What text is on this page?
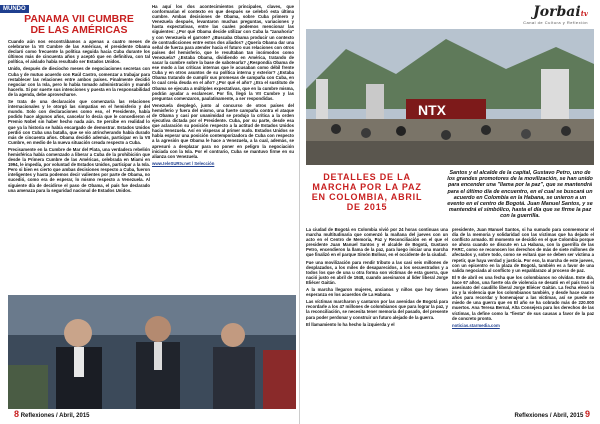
MUNDO
PANAMA VII CUMBRE DE LAS AMÉRICAS

Cuando aún nos encontrábamos a apenas a cuatro meses de celebrarse la VII Cumbre de las Américas, el presidente Obama declaró como frecuente la política seguida hacia Cuba durante los últimos más de cincuenta años y aceptó que en definitiva, con tal política, el aislado había resultado ser Estados Unidos.

Unido, después de dieciocho meses de negociaciones secretas con Cuba y de mutuo acuerdo con Raúl Castro, comenzar a trabajar para restablecer las relaciones entre ambos países. Finalmente decidió negociar con la Isla, pero lo había tomado administración y mandó hacerlo. Si por suerte sus intenciones y puesta en la responsabilidad de la agenda, debe aprovecharse.

Se trata de una declaración que comenzaría las relaciones internacionales y le otorgó las simpatías en el hemisferio y del mundo. Solo con declaraciones como eso, el Presidente, había podido hace algunos años, cancelar lo decía que le concedieron el Premio Nobel sin haber hecho nada aún. Se percibe en realidad lo que ya la historia se había encargado de demostrar. Estados Unidos perdió con Cuba una batalla, que se vio atrincherando había durado más de cincuenta años. Obama decidió además, participar en la VII Cumbre, en medio de la nueva situación creada respecto a Cuba.

Precisamente en la Cumbre de Mar del Plata, una verdadera rebelión hemisférica había comenzado a liberar a Cuba de la prohibición que desde la Primera Cumbre de las Américas, celebrada en Miami en 1994, le impedía, por voluntad de Estados Unidos, participar a la Isla. Pero si bien es cierto que ambas decisiones respecto a Cuba, fueron inteligentes y hasta podemos decir valientes por parte de Obama, no sucedió, como era de esperar, lo mismo respecto a Venezuela. Al siguiente día de decidirse el paso de Obama, el país fue declarado una amenaza para la seguridad nacional de Estados Unidos.

Ha aquí los dos acontecimientos principales, claves, que conformarían el contexto en que después se celebró esta última cumbre. Ambas decisiones de Obama, sobre Cuba primero y Venezuela después, levantaron muchas preguntas, variaciones y hasta expectativas, entre las cuales podemos mencionar las siguientes: ¿Por qué Obama decide utilizar con Cuba la "zanahoria" y con Venezuela el garrote? ¿Buscaba Obama producir un contexto de contradicciones entre estos dos aliados? ¿Quería Obama dar una señal de fuerza para atender hacia el futuro sus relaciones con otros países del hemisferio, que le resultaban tan incómodos como Venezuela? ¿Estaba Obama, dividiendo en América, tratando de sacar la cumbre sobre la base de sabotearla? ¿Respondía Obama de ese modo a las críticas internas que le acusaban como débil frente Cuba y en otros asuntos de su política interna y exterior? ¿Estaba Obama tratando de cumplir sus promesas de campaña con Cuba, en lo cual creía deuda en el año? ¿Por qué el año? ¿Era el sustituto de Obama se ejecuta a múltiples expectativas, que en la cumbre misma, podrán ayudar a esclarecer. Por fin, llegó la VII Cumbre y las preguntas comenzaron, paulatinamente, a ser respondidas.

Venezuela desplegó, junto al concurso de otros países del hemisferio y fuera del mismo, una fuerte campaña contra el ataque de Obama y casi por unanimidad se produjo la crítica a la orden ejecutiva dictada por el Presidente. Cuba, por su parte, desde esa que aclaración su posición respecto a la actitud de Estados Unidos hacia Venezuela. Así en vísperas al primer nudo. Estados Unidos se había esperar una posición contemporizadora de Cuba con respecto a la agresión que Obama le hace a Venezuela, a la cual, además, se apresuró a desplazar para no poner en peligro la negociación iniciada con la Isla. Por el contrario, Cuba se mantuvo firme en su alianza con Venezuela.

www.teleSURtv.net / Selección

8 Reflexiones / Abril, 2015
Jorbaitv
Canal de Cultura y Reflexión
NTX
DETALLES DE LA MARCHA POR LA PAZ EN COLOMBIA, ABRIL DE 2015
Santos y el alcalde de la capital, Gustavo Petro, uno de los grandes promotores de la movilización, se han unido para encender una "llama por la paz", que se mantendrá para el último día de encuentro, en el cual se buscará un acuerdo en Colombia en la Habana, se unieron a un evento en el centro de Bogotá. Juan Manuel Santos, y se mantendrá el simbólico, hasta el día que se firme la paz con la guerrilla.

La ciudad de Bogotá en Colombia vivió por 24 horas continuas una marcha multitudinaria que comenzó la mañana del jueves con un acto en el Centro de Memoria, Paz y Reconciliación en el que el presidente Juan Manuel Santos y el alcalde de Bogotá, Gustavo Petro, encendieron la llama de la paz, para luego iniciar una marcha que finalizó en el parque Simón Bolívar, en el occidente de la ciudad.

Fue una movilización para rendir tributo a las casi seis millones de desplazados, a los miles de desaparecidos, a los secuestrados y a todos los que de una u otra forma son víctimas de esta guerra, que nació justo en abril de 1948, cuando asesinaron al líder liberal Jorge Eliécer Gaitán.

A la marcha llegaron mujeres, ancianos y niños que hoy tienen esperanza en los acuerdos de La Habana.

Las víctimas marcharon y cantaron por las avenidas de Bogotá para recordarle a los 47 millones de colombianos que para lograr la paz, y la reconciliación, se necesita tener memoria del pasado, del presente para poder perdonar y construir un futuro alejado de la guerra.

El llamamiento lo ha hecho la izquierda y el

presidente, Juan Manuel Santos, si ha sumado para conmemorar el día de la memoria y solidaridad con las víctimas que ha dejado el conflicto armado. El momento se decidió en el que Colombia porque se ahora cuando se discute en La Habana, con la guerrilla de las FARC, como se reconocen los derechos de más de siete millones de afectados y, sobre todo, como se evitará que se deben ser víctima a repetir, que haya verdad y justicia. Por eso, la marcha de este jueves, con un epicentro en la plaza de Bogotá, también es a favor de una salida negociada al conflicto y un espaldarazo al proceso de paz.

El 9 de abril es una fecha que los colombianos no olvidan. Este día, hace 67 años, una fuerte ola de violencia se desató en el país tras el asesinato del caudillo liberal Jorge Eliécer Gaitán. La fecha elevó la ira y la violencia que los colombianos también, y desde hace cuatro años para recordar y homenajear a las víctimas, así se puede se miedo de una guerra que en El año se ha cobrado más de 220.000 muertos. Ana Teresa Bernal, Alta Consejera para los derechos de las víctimas, la define como la "fiesta" de sus causas a favor de la paz de concreto pronto.

noticias.starmedia.com

Reflexiones / Abril, 2015 9
